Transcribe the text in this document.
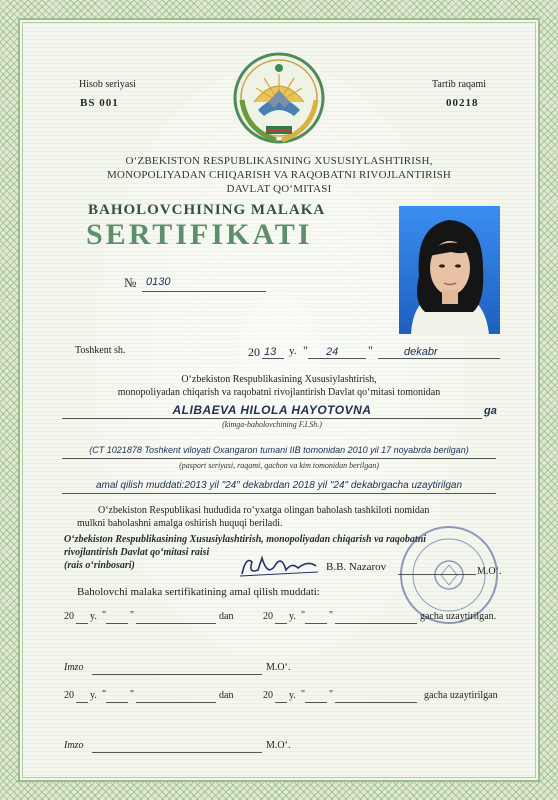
Hisob seriyasi
BS 001
Tartib raqami
00218
O‘ZBEKISTON RESPUBLIKASINING XUSUSIYLASHTIRISH,
MONOPOLIYADAN CHIQARISH VA RAQOBATNI RIVOJLANTIRISH
DAVLAT QO‘MITASI
BAHOLOVCHINING MALAKA
SERTIFIKATI
№ 0130
Toshkent sh.	20 13 y. " 24 "	dekabr
O‘zbekiston Respublikasining Xususiylashtirish,
monopoliyadan chiqarish va raqobatni rivojlantirish Davlat qo‘mitasi tomonidan
ALIBAEVA HILOLA HAYOTOVNA	ga
(kimga-baholovchining F.I.Sh.)
(CT 1021878 Toshkent viloyati Oxangaron tumani IIB tomonidan 2010 yil 17 noyabrda berilgan)
(pasport seriyasi, raqami, qachon va kim tomonidan berilgan)
amal qilish muddati:2013 yil "24" dekabrdan 2018 yil "24" dekabrgacha uzaytirilgan
O‘zbekiston Respublikasi hududida ro‘yxatga olingan baholash tashkiloti nomidan
mulkni baholashni amalga oshirish huquqi beriladi.
O‘zbekiston Respublikasining Xususiylashtirish, monopoliyadan chiqarish va raqobatni
rivojlantirish Davlat qo‘mitasi raisi
(rais o‘rinbosari)	B.B. Nazarov	M.O‘.
Baholovchi malaka sertifikatining amal qilish muddati:
20 y. " "	dan	20 y. " "	gacha uzaytirilgan.
Imzo	M.O‘.
20 y. " "	dan	20 y. " "	gacha uzaytirilgan
Imzo	M.O‘.
